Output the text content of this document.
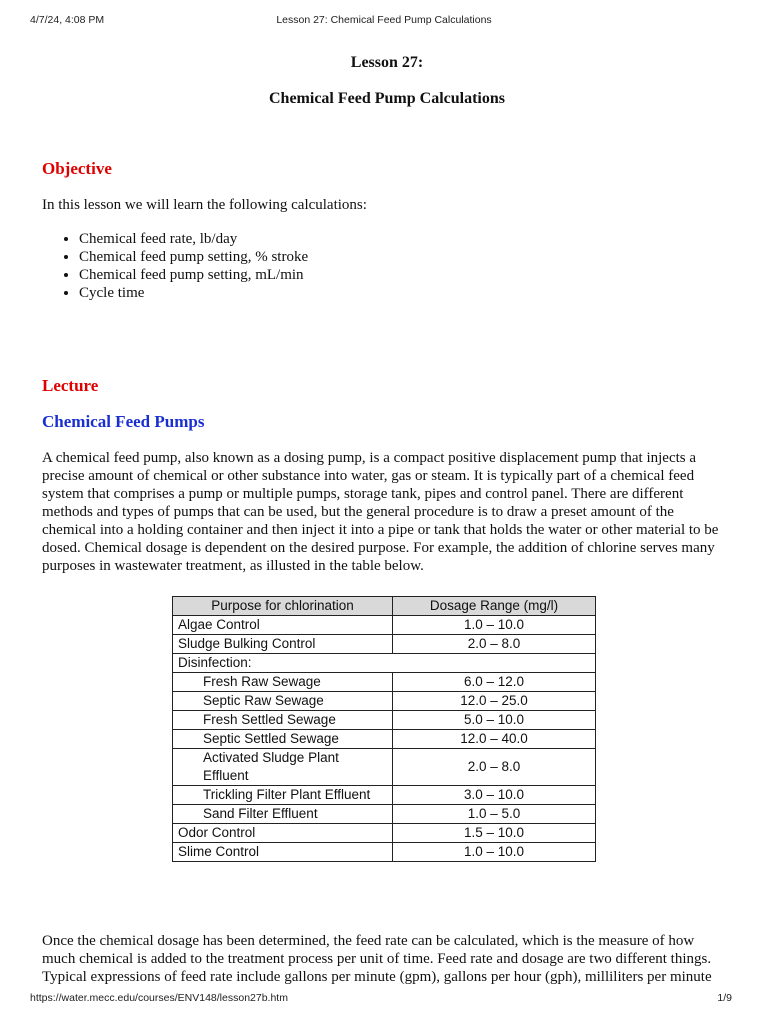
4/7/24, 4:08 PM	Lesson 27: Chemical Feed Pump Calculations
Lesson 27:
Chemical Feed Pump Calculations
Objective

In this lesson we will learn the following calculations:

• Chemical feed rate, lb/day
• Chemical feed pump setting, % stroke
• Chemical feed pump setting, mL/min
• Cycle time
Lecture
Chemical Feed Pumps

A chemical feed pump, also known as a dosing pump, is a compact positive displacement pump that injects a precise amount of chemical or other substance into water, gas or steam. It is typically part of a chemical feed system that comprises a pump or multiple pumps, storage tank, pipes and control panel. There are different methods and types of pumps that can be used, but the general procedure is to draw a preset amount of the chemical into a holding container and then inject it into a pipe or tank that holds the water or other material to be dosed. Chemical dosage is dependent on the desired purpose. For example, the addition of chlorine serves many purposes in wastewater treatment, as illusted in the table below.

Purpose for chlorination	Dosage Range (mg/l)
Algae Control	1.0 – 10.0
Sludge Bulking Control	2.0 – 8.0
Disinfection:	
Fresh Raw Sewage	6.0 – 12.0
Septic Raw Sewage	12.0 – 25.0
Fresh Settled Sewage	5.0 – 10.0
Septic Settled Sewage	12.0 – 40.0
Activated Sludge Plant Effluent	2.0 – 8.0
Trickling Filter Plant Effluent	3.0 – 10.0
Sand Filter Effluent	1.0 – 5.0
Odor Control	1.5 – 10.0
Slime Control	1.0 – 10.0
Once the chemical dosage has been determined, the feed rate can be calculated, which is the measure of how much chemical is added to the treatment process per unit of time. Feed rate and dosage are two different things. Typical expressions of feed rate include gallons per minute (gpm), gallons per hour (gph), milliliters per minute
https://water.mecc.edu/courses/ENV148/lesson27b.htm	1/9
